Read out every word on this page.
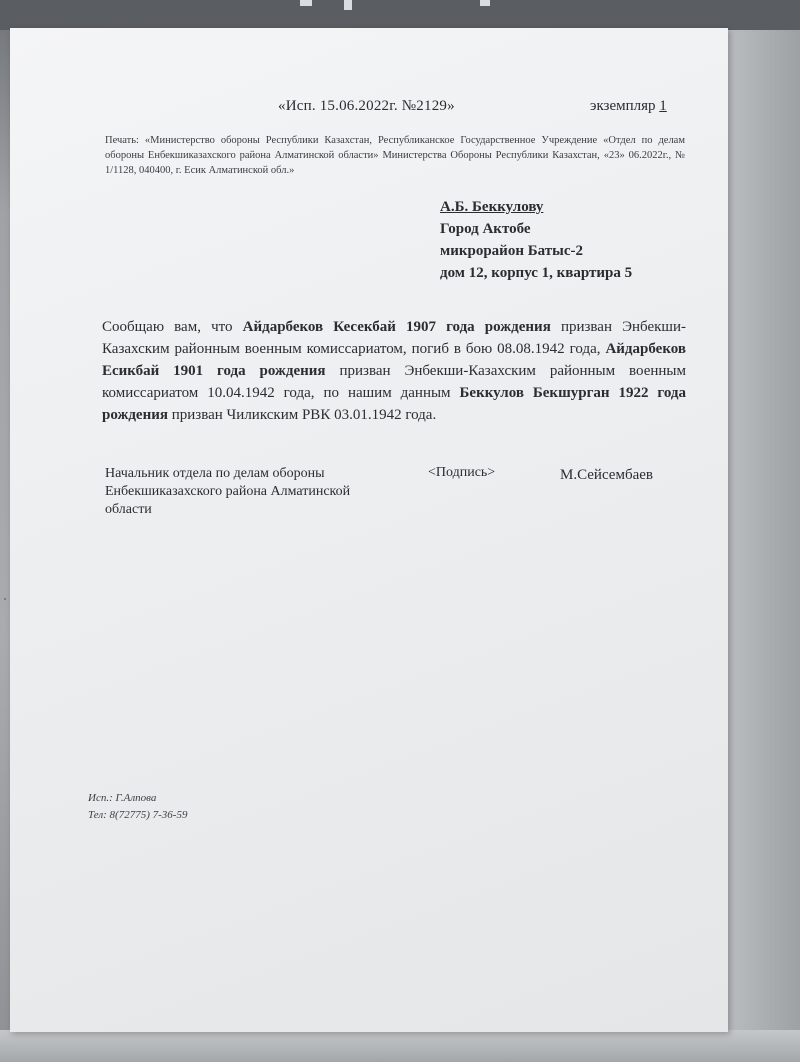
«Исп. 15.06.2022г. №2129»	экземпляр 1
Печать: «Министерство обороны Республики Казахстан, Республиканское Государственное Учреждение «Отдел по делам обороны Енбекшиказахского района Алматинской области» Министерства Обороны Республики Казахстан, «23» 06.2022г., № 1/1128, 040400, г. Есик Алматинской обл.»
А.Б. Беккулову
Город Актобе
микрорайон Батыс-2
дом 12, корпус 1, квартира 5
Сообщаю вам, что Айдарбеков Кесекбай 1907 года рождения призван Энбекши-Казахским районным военным комиссариатом, погиб в бою 08.08.1942 года, Айдарбеков Есикбай 1901 года рождения призван Энбекши-Казахским районным военным комиссариатом 10.04.1942 года, по нашим данным Беккулов Бекшурган 1922 года рождения призван Чиликским РВК 03.01.1942 года.
Начальник отдела по делам обороны
Енбекшиказахского района Алматинской
области
<Подпись>	М.Сейсембаев
Исп.: Г.Алпова
Тел: 8(72775) 7-36-59
